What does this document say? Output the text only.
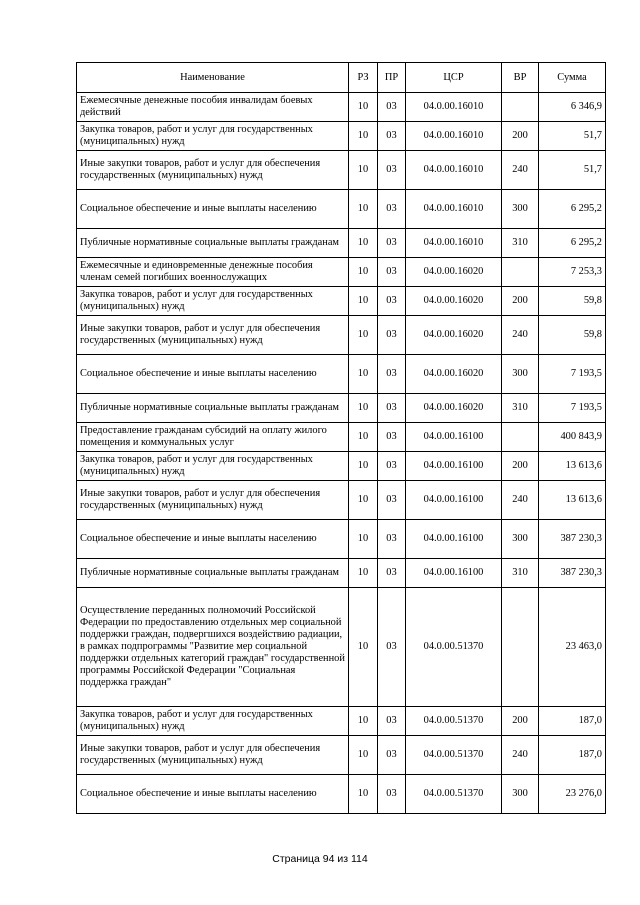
Наименование	РЗ	ПР	ЦСР	ВР	Сумма
Ежемесячные денежные пособия инвалидам боевых действий	10	03	04.0.00.16010		6 346,9
Закупка товаров, работ и услуг для государственных (муниципальных) нужд	10	03	04.0.00.16010	200	51,7
Иные закупки товаров, работ и услуг для обеспечения государственных (муниципальных) нужд	10	03	04.0.00.16010	240	51,7
Социальное обеспечение и иные выплаты населению	10	03	04.0.00.16010	300	6 295,2
Публичные нормативные социальные выплаты гражданам	10	03	04.0.00.16010	310	6 295,2
Ежемесячные и единовременные денежные пособия членам семей погибших военнослужащих	10	03	04.0.00.16020		7 253,3
Закупка товаров, работ и услуг для государственных (муниципальных) нужд	10	03	04.0.00.16020	200	59,8
Иные закупки товаров, работ и услуг для обеспечения государственных (муниципальных) нужд	10	03	04.0.00.16020	240	59,8
Социальное обеспечение и иные выплаты населению	10	03	04.0.00.16020	300	7 193,5
Публичные нормативные социальные выплаты гражданам	10	03	04.0.00.16020	310	7 193,5
Предоставление гражданам субсидий на оплату жилого помещения и коммунальных услуг	10	03	04.0.00.16100		400 843,9
Закупка товаров, работ и услуг для государственных (муниципальных) нужд	10	03	04.0.00.16100	200	13 613,6
Иные закупки товаров, работ и услуг для обеспечения государственных (муниципальных) нужд	10	03	04.0.00.16100	240	13 613,6
Социальное обеспечение и иные выплаты населению	10	03	04.0.00.16100	300	387 230,3
Публичные нормативные социальные выплаты гражданам	10	03	04.0.00.16100	310	387 230,3
Осуществление переданных полномочий Российской Федерации по предоставлению отдельных мер социальной поддержки граждан, подвергшихся воздействию радиации, в рамках подпрограммы "Развитие мер социальной поддержки отдельных категорий граждан" государственной программы Российской Федерации "Социальная поддержка граждан"	10	03	04.0.00.51370		23 463,0
Закупка товаров, работ и услуг для государственных (муниципальных) нужд	10	03	04.0.00.51370	200	187,0
Иные закупки товаров, работ и услуг для обеспечения государственных (муниципальных) нужд	10	03	04.0.00.51370	240	187,0
Социальное обеспечение и иные выплаты населению	10	03	04.0.00.51370	300	23 276,0
Страница 94 из 114
